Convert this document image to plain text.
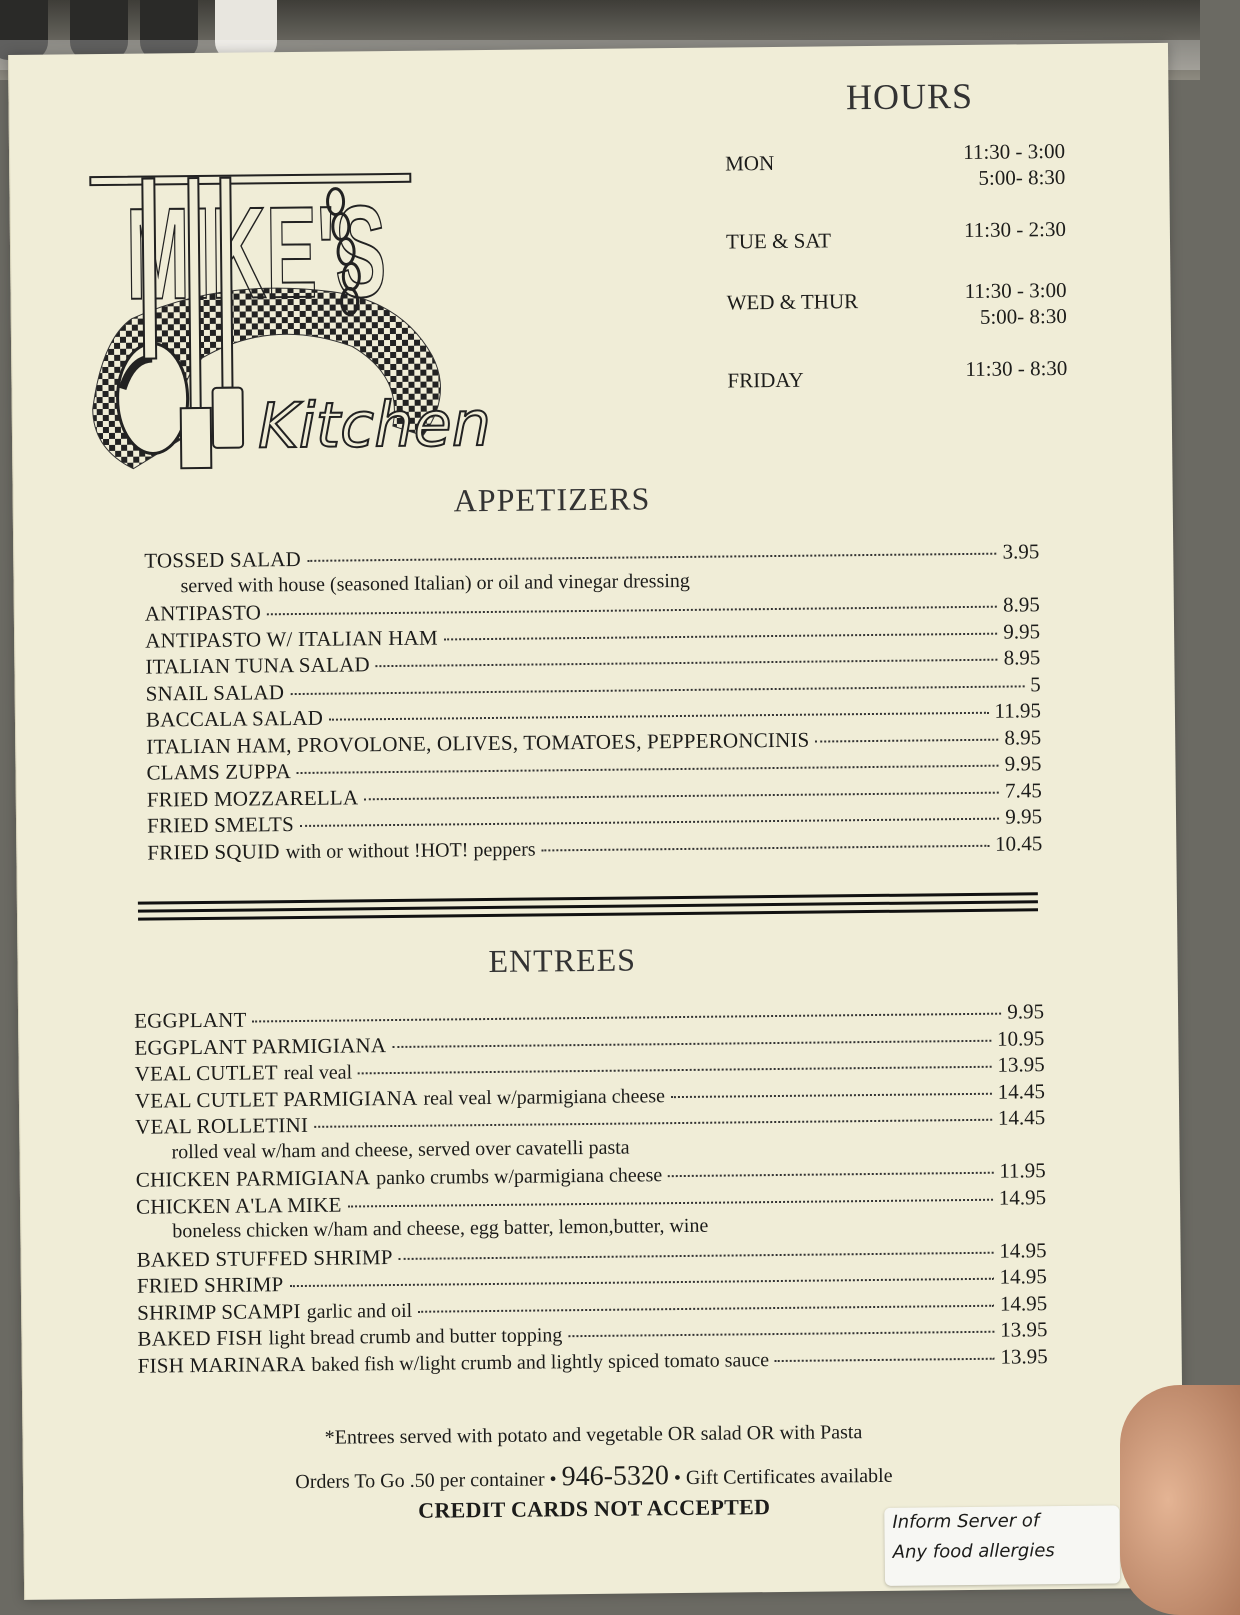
MIKE'S
Kitchen
HOURS
MON	11:30 - 3:00
5:00- 8:30
TUE & SAT	11:30 - 2:30
WED & THUR	11:30 - 3:00
5:00- 8:30
FRIDAY	11:30 - 8:30
APPETIZERS
TOSSED SALAD	3.95
served with house (seasoned Italian) or oil and vinegar dressing
ANTIPASTO	8.95
ANTIPASTO W/ ITALIAN HAM	9.95
ITALIAN TUNA SALAD	8.95
SNAIL SALAD	5
BACCALA SALAD	11.95
ITALIAN HAM, PROVOLONE, OLIVES, TOMATOES, PEPPERONCINIS	8.95
CLAMS ZUPPA	9.95
FRIED MOZZARELLA	7.45
FRIED SMELTS	9.95
FRIED SQUID with or without !HOT! peppers	10.45
ENTREES
EGGPLANT	9.95
EGGPLANT PARMIGIANA	10.95
VEAL CUTLET real veal	13.95
VEAL CUTLET PARMIGIANA real veal w/parmigiana cheese	14.45
VEAL ROLLETINI	14.45
rolled veal w/ham and cheese, served over cavatelli pasta
CHICKEN PARMIGIANA panko crumbs w/parmigiana cheese	11.95
CHICKEN A'LA MIKE	14.95
boneless chicken w/ham and cheese, egg batter, lemon,butter, wine
BAKED STUFFED SHRIMP	14.95
FRIED SHRIMP	14.95
SHRIMP SCAMPI garlic and oil	14.95
BAKED FISH light bread crumb and butter topping	13.95
FISH MARINARA baked fish w/light crumb and lightly spiced tomato sauce	13.95
*Entrees served with potato and vegetable OR salad OR with Pasta
Orders To Go .50 per container • 946-5320 • Gift Certificates available
CREDIT CARDS NOT ACCEPTED	Inform Server of
Any food allergies
